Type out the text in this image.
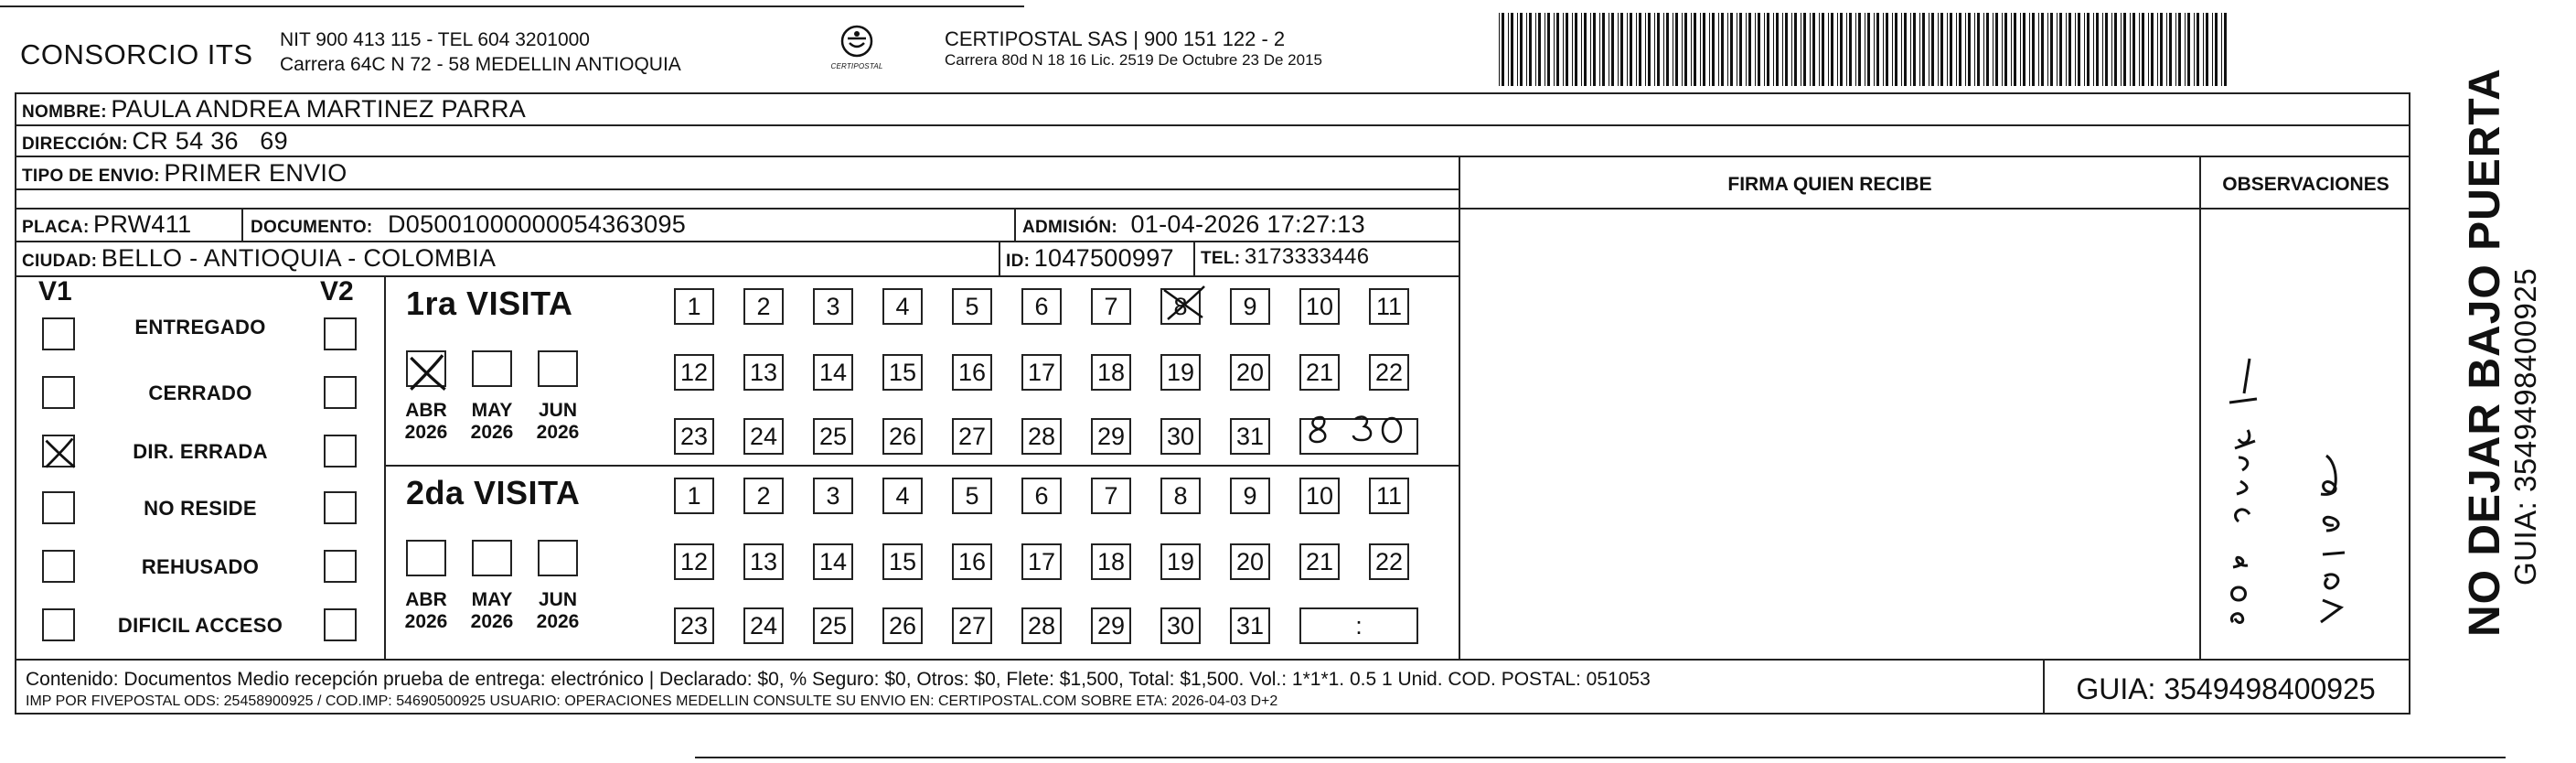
CONSORCIO ITS NIT 900 413 115 - TEL 604 3201000
Carrera 64C N 72 - 58 MEDELLIN ANTIOQUIA	CERTIPOSTAL
CERTIPOSTAL SAS | 900 151 122 - 2
Carrera 80d N 18 16 Lic. 2519 De Octubre 23 De 2015
NOMBRE: PAULA ANDREA MARTINEZ PARRA
DIRECCIÓN: CR 54 36   69
TIPO DE ENVIO: PRIMER ENVIO
PLACA: PRW411	DOCUMENTO: D05001000000054363095	ADMISIÓN: 01-04-2026 17:27:13
CIUDAD: BELLO - ANTIOQUIA - COLOMBIA	ID: 1047500997 TEL: 3173333446
FIRMA QUIEN RECIBE	OBSERVACIONES
V1	V2
ENTREGADO
CERRADO
DIR. ERRADA
NO RESIDE
REHUSADO
DIFICIL ACCESO
1ra VISITA
ABR
2026
MAY
2026
JUN
2026
1	2	3	4	5	6	7	8	9	10 11
12 13 14 15 16 17 18 19 20 21 22
23 24 25 26 27 28 29 30 31
2da VISITA
ABR
2026
MAY
2026
JUN
2026
1	2	3	4	5	6	7	8	9	10 11
12 13 14 15 16 17 18 19 20 21 22
23 24 25 26 27 28 29 30 31	:
Contenido: Documentos Medio recepción prueba de entrega: electrónico | Declarado: $0, % Seguro: $0, Otros: $0, Flete: $1,500, Total: $1,500. Vol.: 1*1*1. 0.5 1 Unid. COD. POSTAL: 051053
IMP POR FIVEPOSTAL ODS: 25458900925 / COD.IMP: 54690500925 USUARIO: OPERACIONES MEDELLIN CONSULTE SU ENVIO EN: CERTIPOSTAL.COM SOBRE ETA: 2026-04-03 D+2	GUIA: 3549498400925
NO DEJAR BAJO PUERTA GUIA: 3549498400925
